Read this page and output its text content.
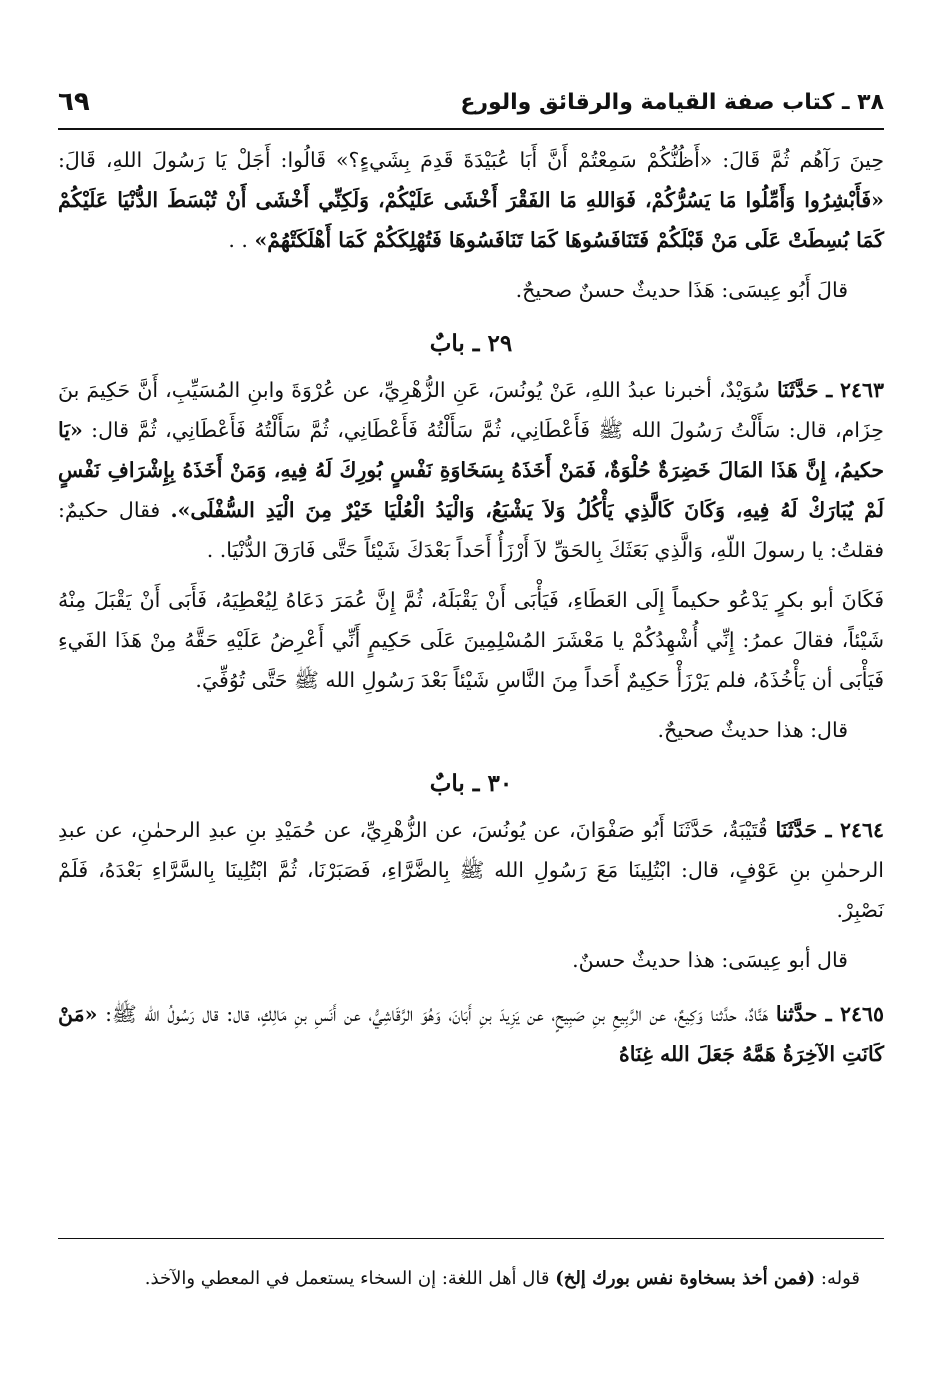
٦٩	٣٨ ـ كتاب صفة القيامة والرقائق والورع

حِينَ رَآهُم ثُمَّ قَالَ: «أَظُنُّكُمْ سَمِعْتُمْ أَنَّ أَبَا عُبَيْدَةَ قَدِمَ بِشَيءٍ؟» قَالُوا: أَجَلْ يَا رَسُولَ اللهِ، قَالَ: «فَأَبْشِرُوا وَأَمِّلُوا مَا يَسُرُّكُمْ، فَوَاللهِ مَا الفَقْرَ أَخْشَى عَلَيْكُمْ، وَلَكِنِّي أَخْشَى أَنْ تُبْسَطَ الدُّنْيَا عَلَيْكُمْ كَمَا بُسِطَتْ عَلَى مَنْ قَبْلَكُمْ فَتَنَافَسُوهَا كَمَا تَنَافَسُوهَا فَتُهْلِكَكُمْ كَمَا أَهْلَكَتْهُمْ» . .

قالَ أَبُو عِيسَى: هَذَا حديثٌ حسنٌ صحيحٌ.

٢٩ ـ بابٌ

٢٤٦٣ ـ حَدَّثَنَا سُوَيْدٌ، أخبرنا عبدُ اللهِ، عَنْ يُونُسَ، عَنِ الزُّهْرِيِّ، عن عُرْوَةَ وابنِ المُسَيِّبِ، أَنَّ حَكِيمَ بنَ حِزَام، قال: سَأَلْتُ رَسُولَ الله ﷺ فَأَعْطَانِي، ثُمَّ سَأَلْتُهُ فَأَعْطَانِي، ثُمَّ سَأَلْتُهُ فَأَعْطَانِي، ثُمَّ قال: «يَا حكيمُ، إِنَّ هَذَا المَالَ خَضِرَةٌ حُلْوَةٌ، فَمَنْ أَخَذَهُ بِسَخَاوَةِ نَفْسٍ بُورِكَ لَهُ فِيهِ، وَمَنْ أَخَذَهُ بِإِشْرَافِ نَفْسٍ لَمْ يُبَارَكْ لَهُ فِيهِ، وَكَانَ كَالَّذِي يَأْكُلُ وَلاَ يَشْبَعُ، وَالْيَدُ الْعُلْيَا خَيْرٌ مِنَ الْيَدِ السُّفْلَى». فقال حكيمٌ: فقلتُ: يا رسولَ اللّهِ، وَالَّذِي بَعَثَكَ بِالحَقِّ لاَ أَرْزَأُ أَحَداً بَعْدَكَ شَيْئاً حَتَّى فَارَقَ الدُّنْيَا. .

فَكَانَ أبو بكرٍ يَدْعُو حكيماً إِلَى العَطَاءِ، فَيَأْبَى أَنْ يَقْبَلَهُ، ثُمَّ إِنَّ عُمَرَ دَعَاهُ لِيُعْطِيَهُ، فَأَبَى أَنْ يَقْبَلَ مِنْهُ شَيْئاً، فقالَ عمرُ: إِنِّي أُشْهِدُكُمْ يا مَعْشَرَ المُسْلِمِينَ عَلَى حَكِيمٍ أَنِّي أَعْرِضُ عَلَيْهِ حَقَّهُ مِنْ هَذَا الفَيءِ فَيَأْبَى أن يَأْخُذَهُ، فلم يَرْزَأْ حَكِيمٌ أَحَداً مِنَ النَّاسِ شَيْئاً بَعْدَ رَسُولِ الله ﷺ حَتَّى تُوُفِّيَ.

قال: هذا حديثٌ صحيحٌ.

٣٠ ـ بابٌ

٢٤٦٤ ـ حَدَّثَنَا قُتَيْبَةُ، حَدَّثَنَا أَبُو صَفْوَانَ، عن يُونُسَ، عن الزُّهْرِيِّ، عن حُمَيْدِ بنِ عبدِ الرحمٰنِ، عن عبدِ الرحمٰنِ بنِ عَوْفٍ، قال: ابْتُلِينَا مَعَ رَسُولِ الله ﷺ بِالضَّرَّاءِ، فَصَبَرْنَا، ثُمَّ ابْتُلِينَا بِالسَّرَّاءِ بَعْدَهُ، فَلَمْ نَصْبِرْ.

قال أبو عِيسَى: هذا حديثٌ حسنٌ.

٢٤٦٥ ـ حدَّثنا هَنَّادٌ، حدَّثنا وَكِيعٌ، عن الرَّبِيعِ بنِ صَبِيحٍ، عن يَزِيدَ بنِ أَبَانَ، وَهُوَ الرَّقَاشِيُّ، عن أَنَسِ بنِ مَالِكٍ، قال: قال رَسُولُ الله ﷺ: «مَنْ كَانَتِ الآخِرَةُ هَمَّهُ جَعَلَ الله غِنَاهُ

قوله: (فمن أخذ بسخاوة نفس بورك إلخ) قال أهل اللغة: إن السخاء يستعمل في المعطي والآخذ.
